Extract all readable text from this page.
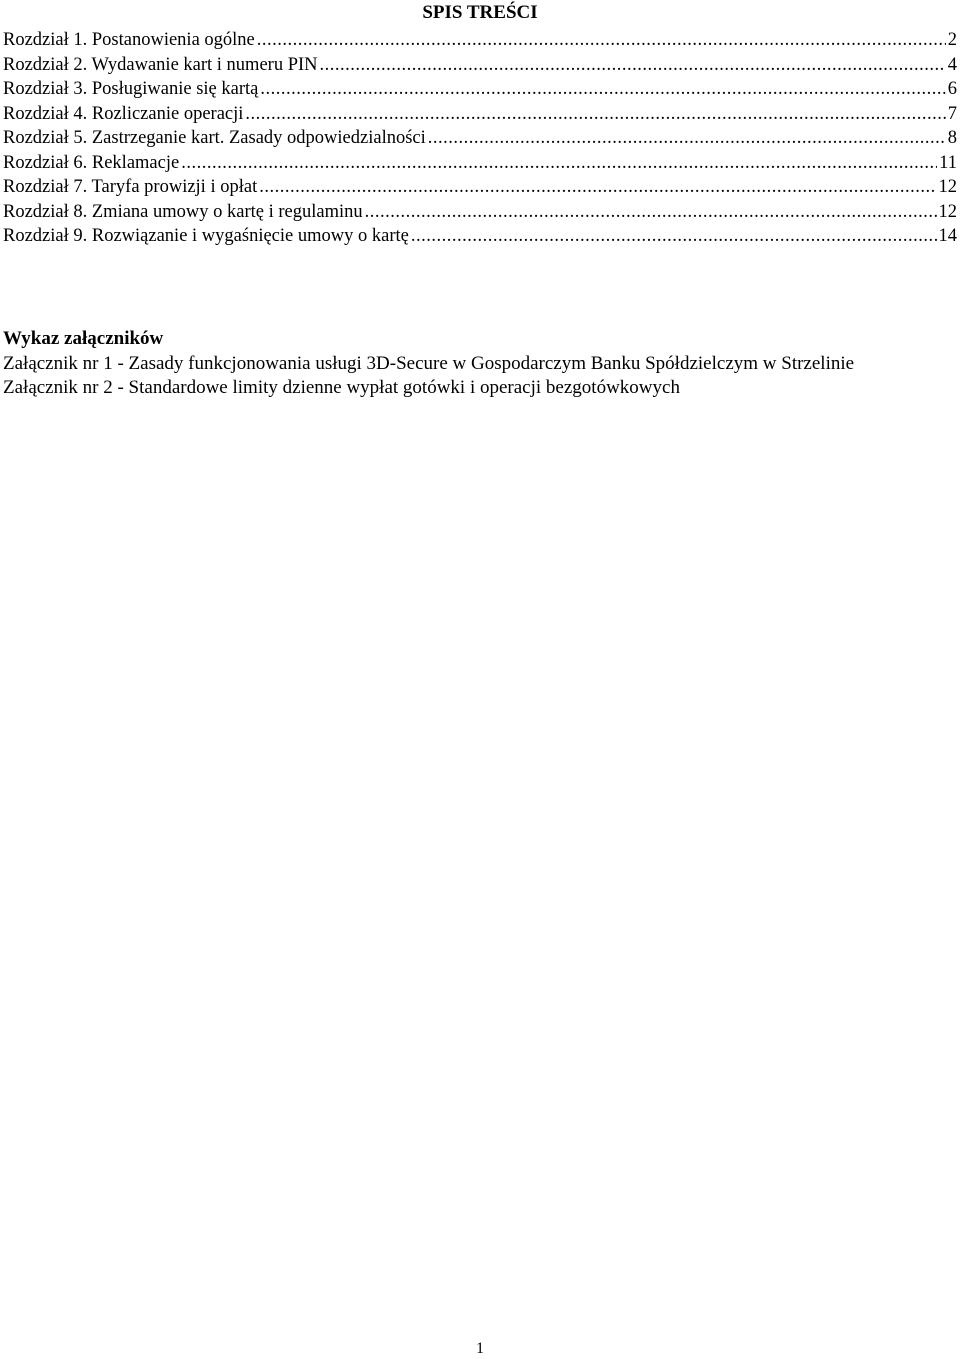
SPIS TREŚCI
Rozdział 1. Postanowienia ogólne .....	2
Rozdział 2. Wydawanie kart i numeru PIN .....	4
Rozdział 3. Posługiwanie się kartą .....	6
Rozdział 4. Rozliczanie operacji .....	7
Rozdział 5. Zastrzeganie kart. Zasady odpowiedzialności .....	8
Rozdział 6. Reklamacje .....	11
Rozdział 7. Taryfa prowizji i opłat .....	12
Rozdział 8. Zmiana umowy o kartę i regulaminu .....	12
Rozdział 9. Rozwiązanie i wygaśnięcie umowy o kartę .....	14
Wykaz załączników
Załącznik nr 1 - Zasady funkcjonowania usługi 3D-Secure w Gospodarczym Banku Spółdzielczym w Strzelinie
Załącznik nr 2 - Standardowe limity dzienne wypłat gotówki i operacji bezgotówkowych
1
